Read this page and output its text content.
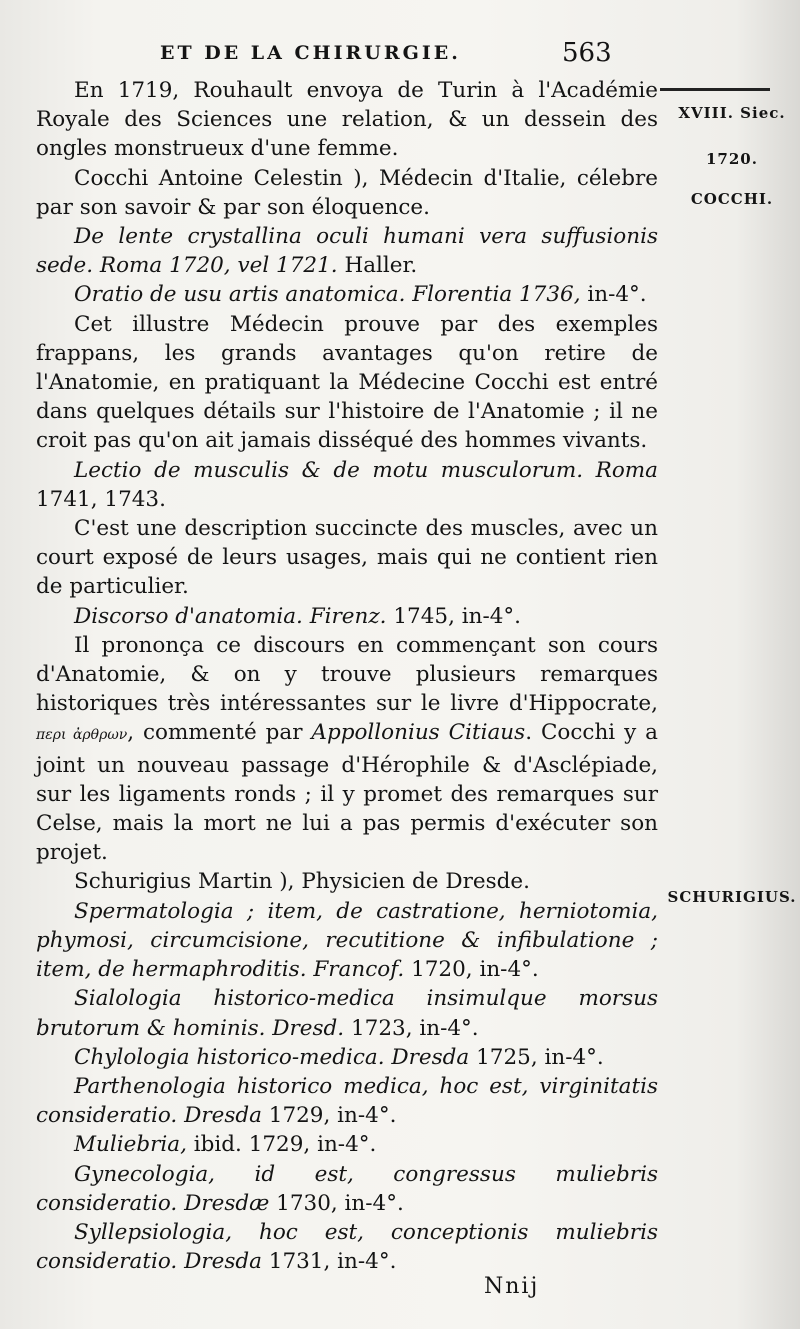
ET DE LA CHIRURGIE.	563
XVIII. Siec.
1720.
COCCHI.
SCHURIGIUS.

En 1719, Rouhault envoya de Turin à l'Académie Royale des Sciences une relation, & un dessein des ongles monstrueux d'une femme.

Cocchi Antoine Celestin ), Médecin d'Italie, célebre par son savoir & par son éloquence.

De lente crystallina oculi humani vera suffusionis sede. Roma 1720, vel 1721. Haller.

Oratio de usu artis anatomica. Florentia 1736, in-4°.

Cet illustre Médecin prouve par des exemples frappans, les grands avantages qu'on retire de l'Anatomie, en pratiquant la Médecine Cocchi est entré dans quelques détails sur l'histoire de l'Anatomie ; il ne croit pas qu'on ait jamais disséqué des hommes vivants.

Lectio de musculis & de motu musculorum. Roma 1741, 1743.

C'est une description succincte des muscles, avec un court exposé de leurs usages, mais qui ne contient rien de particulier.

Discorso d'anatomia. Firenz. 1745, in-4°.

Il prononça ce discours en commençant son cours d'Anatomie, & on y trouve plusieurs remarques historiques très intéressantes sur le livre d'Hippocrate, περι ἀρθρων, commenté par Appollonius Citiaus. Cocchi y a joint un nouveau passage d'Hérophile & d'Asclépiade, sur les ligaments ronds ; il y promet des remarques sur Celse, mais la mort ne lui a pas permis d'exécuter son projet.

Schurigius Martin ), Physicien de Dresde.

Spermatologia ; item, de castratione, herniotomia, phymosi, circumcisione, recutitione & infibulatione ; item, de hermaphroditis. Francof. 1720, in-4°.

Sialologia historico-medica insimulque morsus brutorum & hominis. Dresd. 1723, in-4°.

Chylologia historico-medica. Dresda 1725, in-4°.

Parthenologia historico medica, hoc est, virginitatis consideratio. Dresda 1729, in-4°.

Muliebria, ibid. 1729, in-4°.

Gynecologia, id est, congressus muliebris consideratio. Dresdæ 1730, in-4°.

Syllepsiologia, hoc est, conceptionis muliebris consideratio. Dresda 1731, in-4°.

Nnij
